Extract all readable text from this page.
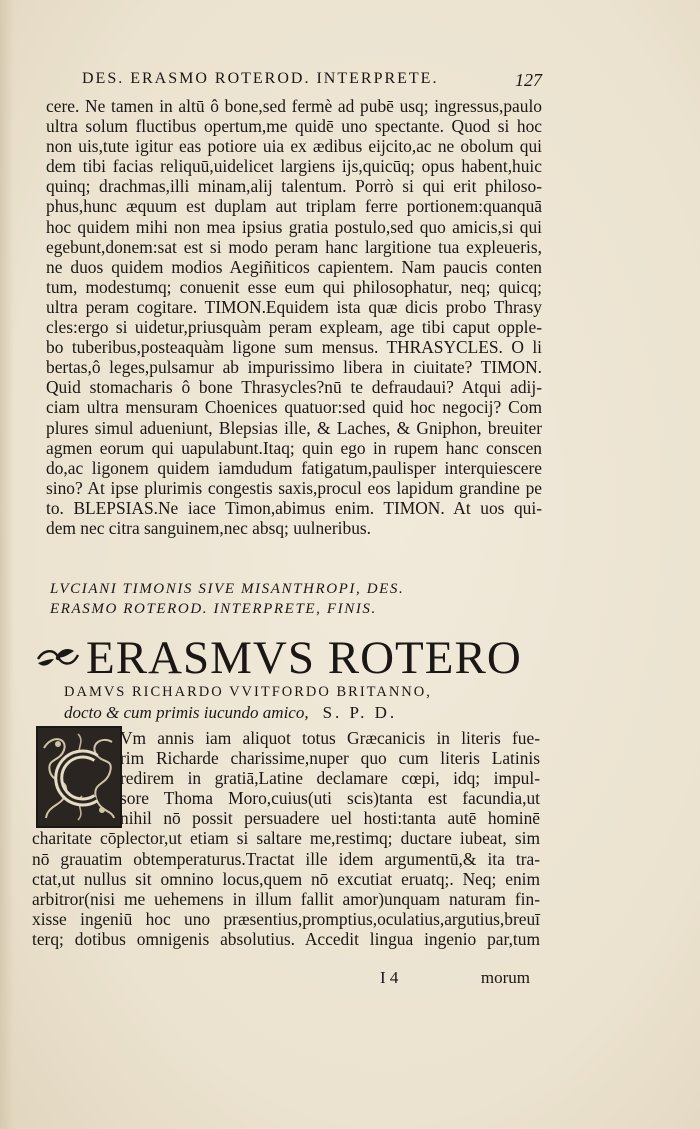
DES. ERASMO ROTEROD. INTERPRETE.	127
cere. Ne tamen in altū ô bone,sed fermè ad pubē usq; ingressus,paulo
ultra solum fluctibus opertum,me quidē uno spectante. Quod si hoc
non uis,tute igitur eas potiore uia ex ædibus eijcito,ac ne obolum qui
dem tibi facias reliquū,uidelicet largiens ijs,quicūq; opus habent,huic
quinq; drachmas,illi minam,alij talentum. Porrò si qui erit philoso-
phus,hunc æquum est duplam aut triplam ferre portionem:quanquā
hoc quidem mihi non mea ipsius gratia postulo,sed quo amicis,si qui
egebunt,donem:sat est si modo peram hanc largitione tua expleueris,
ne duos quidem modios Aegiñiticos capientem. Nam paucis conten
tum, modestumq; conuenit esse eum qui philosophatur, neq; quicq;
ultra peram cogitare. TIMON.Equidem ista quæ dicis probo Thrasy
cles:ergo si uidetur,priusquàm peram expleam, age tibi caput opple-
bo tuberibus,posteaquàm ligone sum mensus. THRASYCLES. O li
bertas,ô leges,pulsamur ab impurissimo libera in ciuitate? TIMON.
Quid stomacharis ô bone Thrasycles?nū te defraudaui? Atqui adij-
ciam ultra mensuram Choenices quatuor:sed quid hoc negocij? Com
plures simul adueniunt, Blepsias ille, & Laches, & Gniphon, breuiter
agmen eorum qui uapulabunt.Itaq; quin ego in rupem hanc conscen
do,ac ligonem quidem iamdudum fatigatum,paulisper interquiescere
sino? At ipse plurimis congestis saxis,procul eos lapidum grandine pe
to. BLEPSIAS.Ne iace Timon,abimus enim. TIMON. At uos qui-
dem nec citra sanguinem,nec absq; uulneribus.
LVCIANI TIMONIS SIVE MISANTHROPI, DES.
ERASMO ROTEROD. INTERPRETE, FINIS.
ERASMVS ROTERO
DAMVS RICHARDO VVITFORDO BRITANNO,
docto & cum primis iucundo amico, S. P. D.
Vm annis iam aliquot totus Græcanicis in literis fue-
rim Richarde charissime,nuper quo cum literis Latinis
redirem in gratiā,Latine declamare cœpi, idq; impul-
sore Thoma Moro,cuius(uti scis)tanta est facundia,ut
nihil nō possit persuadere uel hosti:tanta autē hominē
charitate cōplector,ut etiam si saltare me,restimq; ductare iubeat, sim
nō grauatim obtemperaturus.Tractat ille idem argumentū,& ita tra-
ctat,ut nullus sit omnino locus,quem nō excutiat eruatq;. Neq; enim
arbitror(nisi me uehemens in illum fallit amor)unquam naturam fin-
xisse ingeniū hoc uno præsentius,promptius,oculatius,argutius,breuī
terq; dotibus omnigenis absolutius. Accedit lingua ingenio par,tum
I 4	morum
